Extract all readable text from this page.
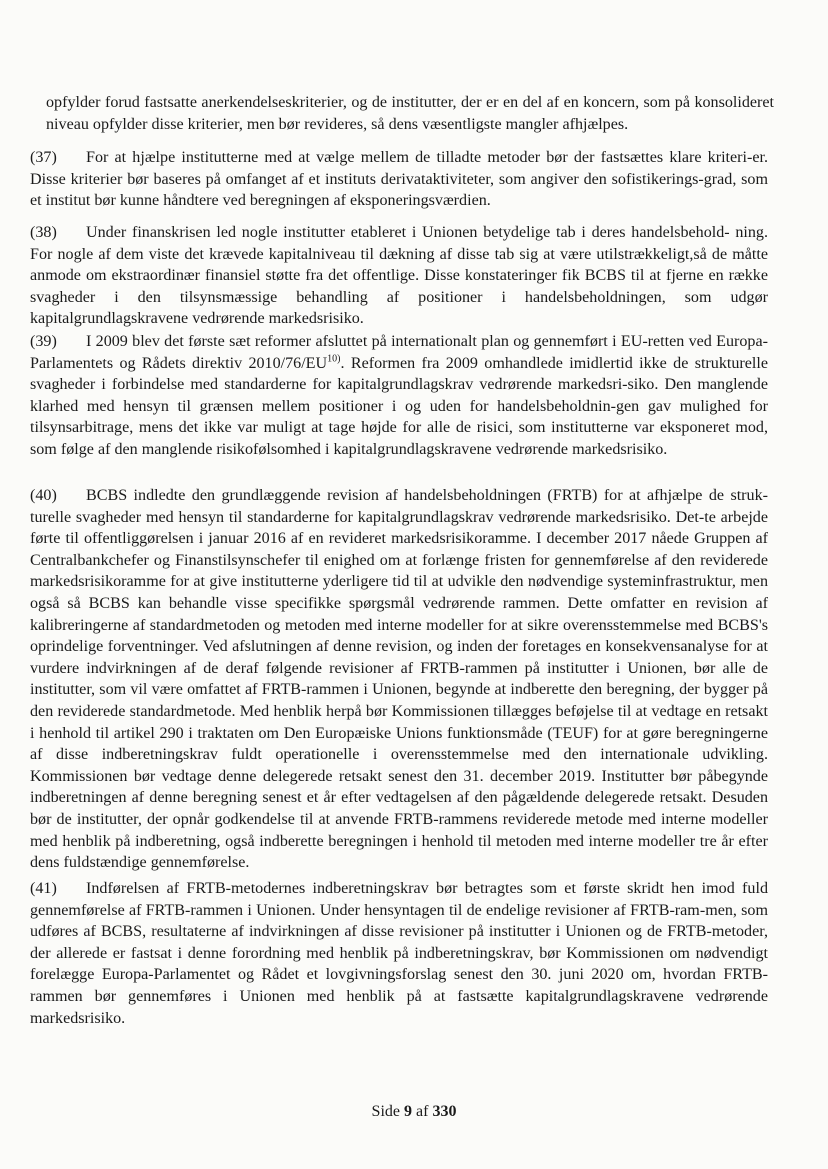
opfylder forud fastsatte anerkendelseskriterier, og de institutter, der er en del af en koncern, som på konsolideret niveau opfylder disse kriterier, men bør revideres, så dens væsentligste mangler afhjælpes.

(37) For at hjælpe institutterne med at vælge mellem de tilladte metoder bør der fastsættes klare kriteri-er. Disse kriterier bør baseres på omfanget af et instituts derivataktiviteter, som angiver den sofistikerings-grad, som et institut bør kunne håndtere ved beregningen af eksponeringsværdien.
(38) Under finanskrisen led nogle institutter etableret i Unionen betydelige tab i deres handelsbehold- ning. For nogle af dem viste det krævede kapitalniveau til dækning af disse tab sig at være utilstrækkeligt,så de måtte anmode om ekstraordinær finansiel støtte fra det offentlige. Disse konstateringer fik BCBS til at fjerne en række svagheder i den tilsynsmæssige behandling af positioner i handelsbeholdningen, som udgør kapitalgrundlagskravene vedrørende markedsrisiko.
(39) I 2009 blev det første sæt reformer afsluttet på internationalt plan og gennemført i EU-retten ved Europa-Parlamentets og Rådets direktiv 2010/76/EU$^{10)}$. Reformen fra 2009 omhandlede imidlertid ikke de strukturelle svagheder i forbindelse med standarderne for kapitalgrundlagskrav vedrørende markedsri-siko. Den manglende klarhed med hensyn til grænsen mellem positioner i og uden for handelsbeholdnin-gen gav mulighed for tilsynsarbitrage, mens det ikke var muligt at tage højde for alle de risici, som institutterne var eksponeret mod, som følge af den manglende risikofølsomhed i kapitalgrundlagskravene vedrørende markedsrisiko.
(40) BCBS indledte den grundlæggende revision af handelsbeholdningen (FRTB) for at afhjælpe de struk-turelle svagheder med hensyn til standarderne for kapitalgrundlagskrav vedrørende markedsrisiko. Det-te arbejde førte til offentliggørelsen i januar 2016 af en revideret markedsrisikoramme. I december 2017 nåede Gruppen af Centralbankchefer og Finanstilsynschefer til enighed om at forlænge fristen for gennemførelse af den reviderede markedsrisikoramme for at give institutterne yderligere tid til at udvikle den nødvendige systeminfrastruktur, men også så BCBS kan behandle visse specifikke spørgsmål vedrørende rammen. Dette omfatter en revision af kalibreringerne af standardmetoden og metoden med interne modeller for at sikre overensstemmelse med BCBS's oprindelige forventninger. Ved afslutningen af denne revision, og inden der foretages en konsekvensanalyse for at vurdere indvirkningen af de deraf følgende revisioner af FRTB-rammen på institutter i Unionen, bør alle de institutter, som vil være omfattet af FRTB-rammen i Unionen, begynde at indberette den beregning, der bygger på den reviderede standardmetode. Med henblik herpå bør Kommissionen tillægges beføjelse til at vedtage en retsakt i henhold til artikel 290 i traktaten om Den Europæiske Unions funktionsmåde (TEUF) for at gøre beregningerne af disse indberetningskrav fuldt operationelle i overensstemmelse med den internationale udvikling. Kommissionen bør vedtage denne delegerede retsakt senest den 31. december 2019. Institutter bør påbegynde indberetningen af denne beregning senest et år efter vedtagelsen af den pågældende delegerede retsakt. Desuden bør de institutter, der opnår godkendelse til at anvende FRTB-rammens reviderede metode med interne modeller med henblik på indberetning, også indberette beregningen i henhold til metoden med interne modeller tre år efter dens fuldstændige gennemførelse.
(41) Indførelsen af FRTB-metodernes indberetningskrav bør betragtes som et første skridt hen imod fuld gennemførelse af FRTB-rammen i Unionen. Under hensyntagen til de endelige revisioner af FRTB-ram-men, som udføres af BCBS, resultaterne af indvirkningen af disse revisioner på institutter i Unionen og de FRTB-metoder, der allerede er fastsat i denne forordning med henblik på indberetningskrav, bør Kommissionen om nødvendigt forelægge Europa-Parlamentet og Rådet et lovgivningsforslag senest den 30. juni 2020 om, hvordan FRTB-rammen bør gennemføres i Unionen med henblik på at fastsætte kapitalgrundlagskravene vedrørende markedsrisiko.
Side 9 af 330
